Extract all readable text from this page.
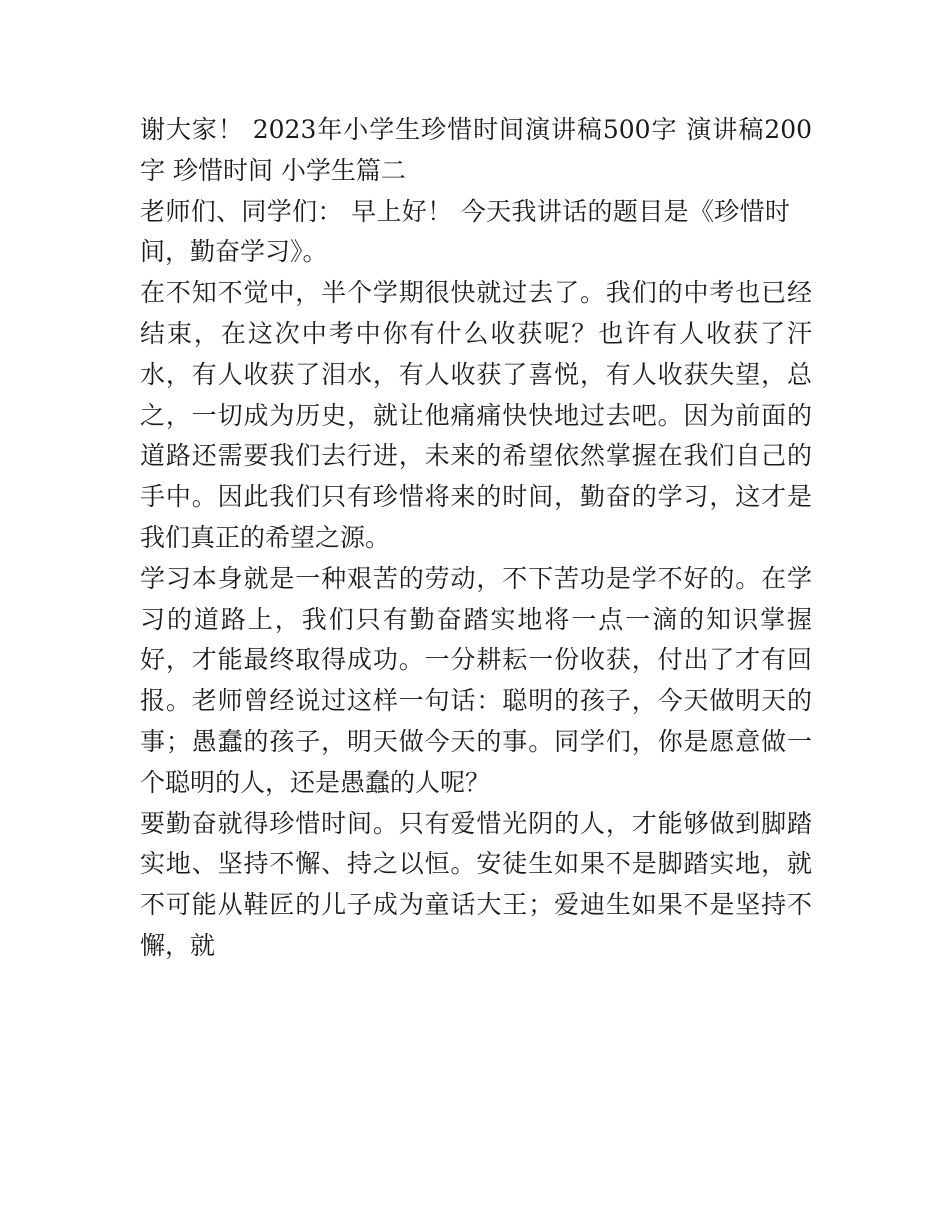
谢大家！ 2023年小学生珍惜时间演讲稿500字 演讲稿200字 珍惜时间 小学生篇二

老师们、同学们： 早上好！ 今天我讲话的题目是《珍惜时间，勤奋学习》。

在不知不觉中，半个学期很快就过去了。我们的中考也已经结束，在这次中考中你有什么收获呢？也许有人收获了汗水，有人收获了泪水，有人收获了喜悦，有人收获失望，总之，一切成为历史，就让他痛痛快快地过去吧。因为前面的道路还需要我们去行进，未来的希望依然掌握在我们自己的手中。因此我们只有珍惜将来的时间，勤奋的学习，这才是我们真正的希望之源。

学习本身就是一种艰苦的劳动，不下苦功是学不好的。在学习的道路上，我们只有勤奋踏实地将一点一滴的知识掌握好，才能最终取得成功。一分耕耘一份收获，付出了才有回报。老师曾经说过这样一句话：聪明的孩子，今天做明天的事；愚蠢的孩子，明天做今天的事。同学们，你是愿意做一个聪明的人，还是愚蠢的人呢？

要勤奋就得珍惜时间。只有爱惜光阴的人，才能够做到脚踏实地、坚持不懈、持之以恒。安徒生如果不是脚踏实地，就不可能从鞋匠的儿子成为童话大王；爱迪生如果不是坚持不懈，就
